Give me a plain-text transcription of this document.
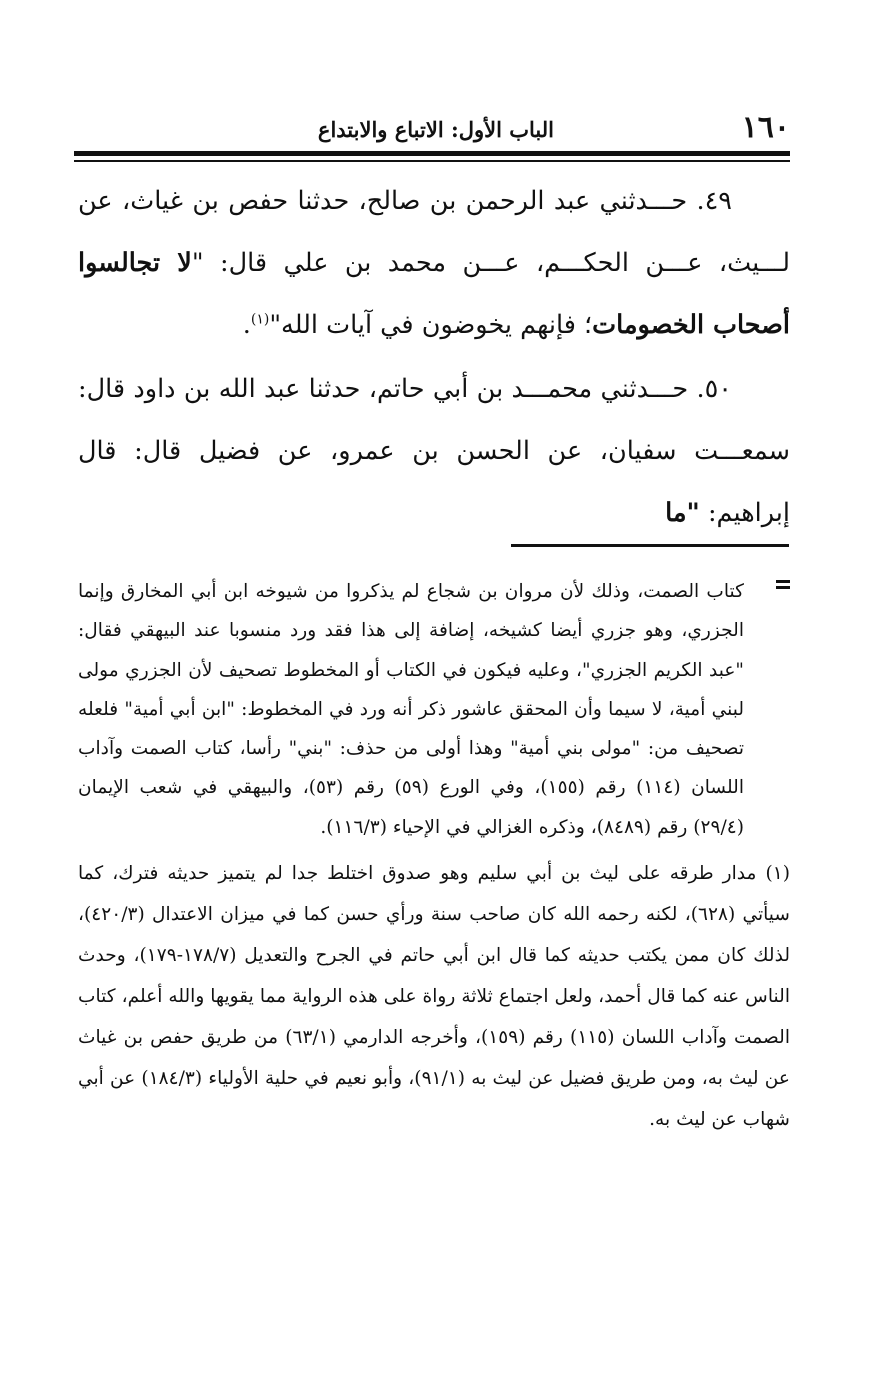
١٦٠
الباب الأول: الاتباع والابتداع

٤٩. حـــدثني عبد الرحمن بن صالح، حدثنا حفص بن غياث، عن لـــيث، عـــن الحكـــم، عـــن محمد بن علي قال: "لا تجالسوا أصحاب الخصومات؛ فإنهم يخوضون في آيات الله"$^{(١)}$.

٥٠. حـــدثني محمـــد بن أبي حاتم، حدثنا عبد الله بن داود قال: سمعـــت سفيان، عن الحسن بن عمرو، عن فضيل قال: قال إبراهيم: "ما

كتاب الصمت، وذلك لأن مروان بن شجاع لم يذكروا من شيوخه ابن أبي المخارق وإنما الجزري، وهو جزري أيضا كشيخه، إضافة إلى هذا فقد ورد منسوبا عند البيهقي فقال: "عبد الكريم الجزري"، وعليه فيكون في الكتاب أو المخطوط تصحيف لأن الجزري مولى لبني أمية، لا سيما وأن المحقق عاشور ذكر أنه ورد في المخطوط: "ابن أبي أمية" فلعله تصحيف من: "مولى بني أمية" وهذا أولى من حذف: "بني" رأسا، كتاب الصمت وآداب اللسان (١١٤) رقم (١٥٥)، وفي الورع (٥٩) رقم (٥٣)، والبيهقي في شعب الإيمان (٢٩/٤) رقم (٨٤٨٩)، وذكره الغزالي في الإحياء (١١٦/٣).
(١) مدار طرقه على ليث بن أبي سليم وهو صدوق اختلط جدا لم يتميز حديثه فترك، كما سيأتي (٦٢٨)، لكنه رحمه الله كان صاحب سنة ورأي حسن كما في ميزان الاعتدال (٤٢٠/٣)، لذلك كان ممن يكتب حديثه كما قال ابن أبي حاتم في الجرح والتعديل (١٧٨/٧-١٧٩)، وحدث الناس عنه كما قال أحمد، ولعل اجتماع ثلاثة رواة على هذه الرواية مما يقويها والله أعلم، كتاب الصمت وآداب اللسان (١١٥) رقم (١٥٩)، وأخرجه الدارمي (٦٣/١) من طريق حفص بن غياث عن ليث به، ومن طريق فضيل عن ليث به (٩١/١)، وأبو نعيم في حلية الأولياء (١٨٤/٣) عن أبي شهاب عن ليث به.
